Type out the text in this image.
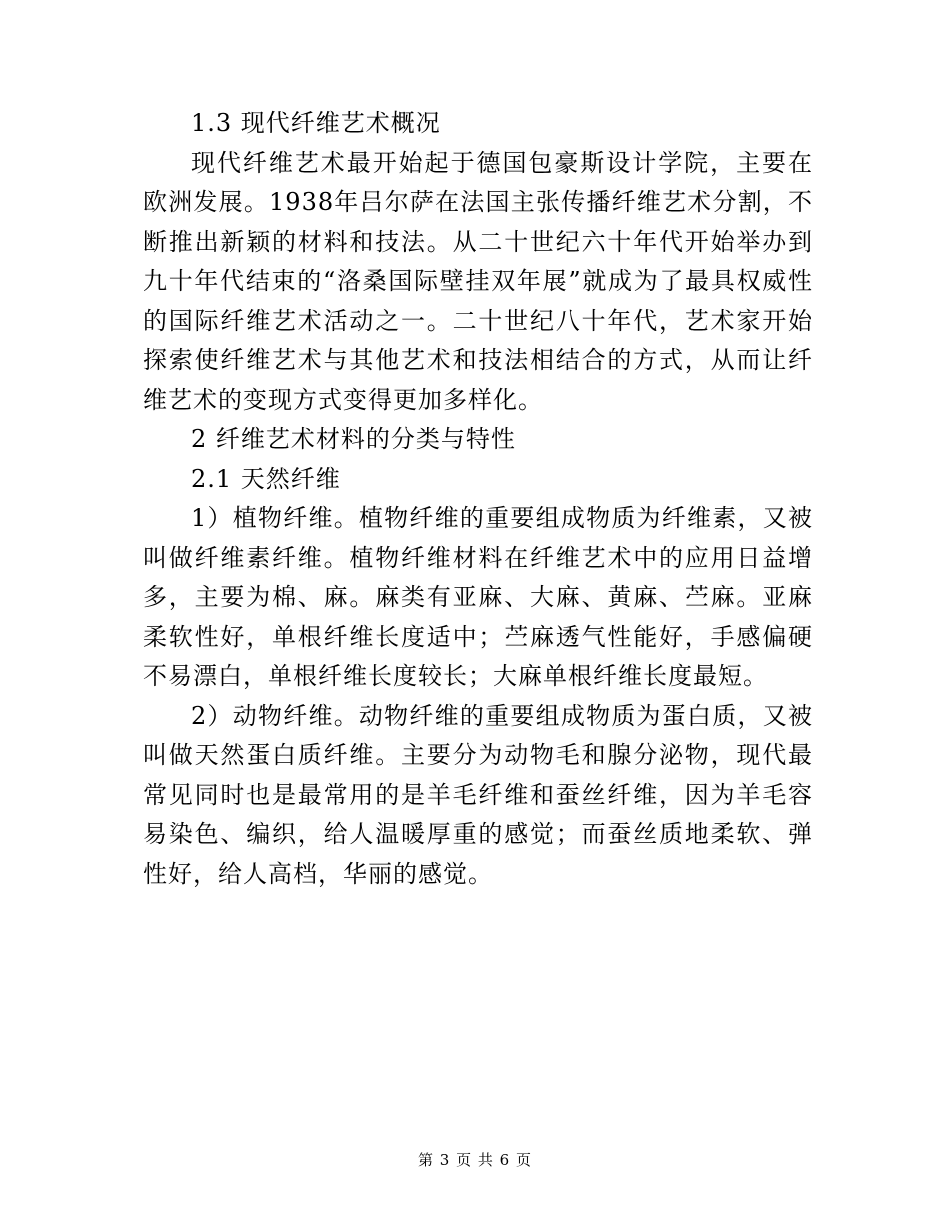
1.3 现代纤维艺术概况

现代纤维艺术最开始起于德国包豪斯设计学院，主要在欧洲发展。1938年吕尔萨在法国主张传播纤维艺术分割，不断推出新颖的材料和技法。从二十世纪六十年代开始举办到九十年代结束的“洛桑国际壁挂双年展”就成为了最具权威性的国际纤维艺术活动之一。二十世纪八十年代，艺术家开始探索使纤维艺术与其他艺术和技法相结合的方式，从而让纤维艺术的变现方式变得更加多样化。

2 纤维艺术材料的分类与特性

2.1 天然纤维

1）植物纤维。植物纤维的重要组成物质为纤维素，又被叫做纤维素纤维。植物纤维材料在纤维艺术中的应用日益增多，主要为棉、麻。麻类有亚麻、大麻、黄麻、苎麻。亚麻柔软性好，单根纤维长度适中；苎麻透气性能好，手感偏硬不易漂白，单根纤维长度较长；大麻单根纤维长度最短。

2）动物纤维。动物纤维的重要组成物质为蛋白质，又被叫做天然蛋白质纤维。主要分为动物毛和腺分泌物，现代最常见同时也是最常用的是羊毛纤维和蚕丝纤维，因为羊毛容易染色、编织，给人温暖厚重的感觉；而蚕丝质地柔软、弹性好，给人高档，华丽的感觉。

第 3 页 共 6 页
